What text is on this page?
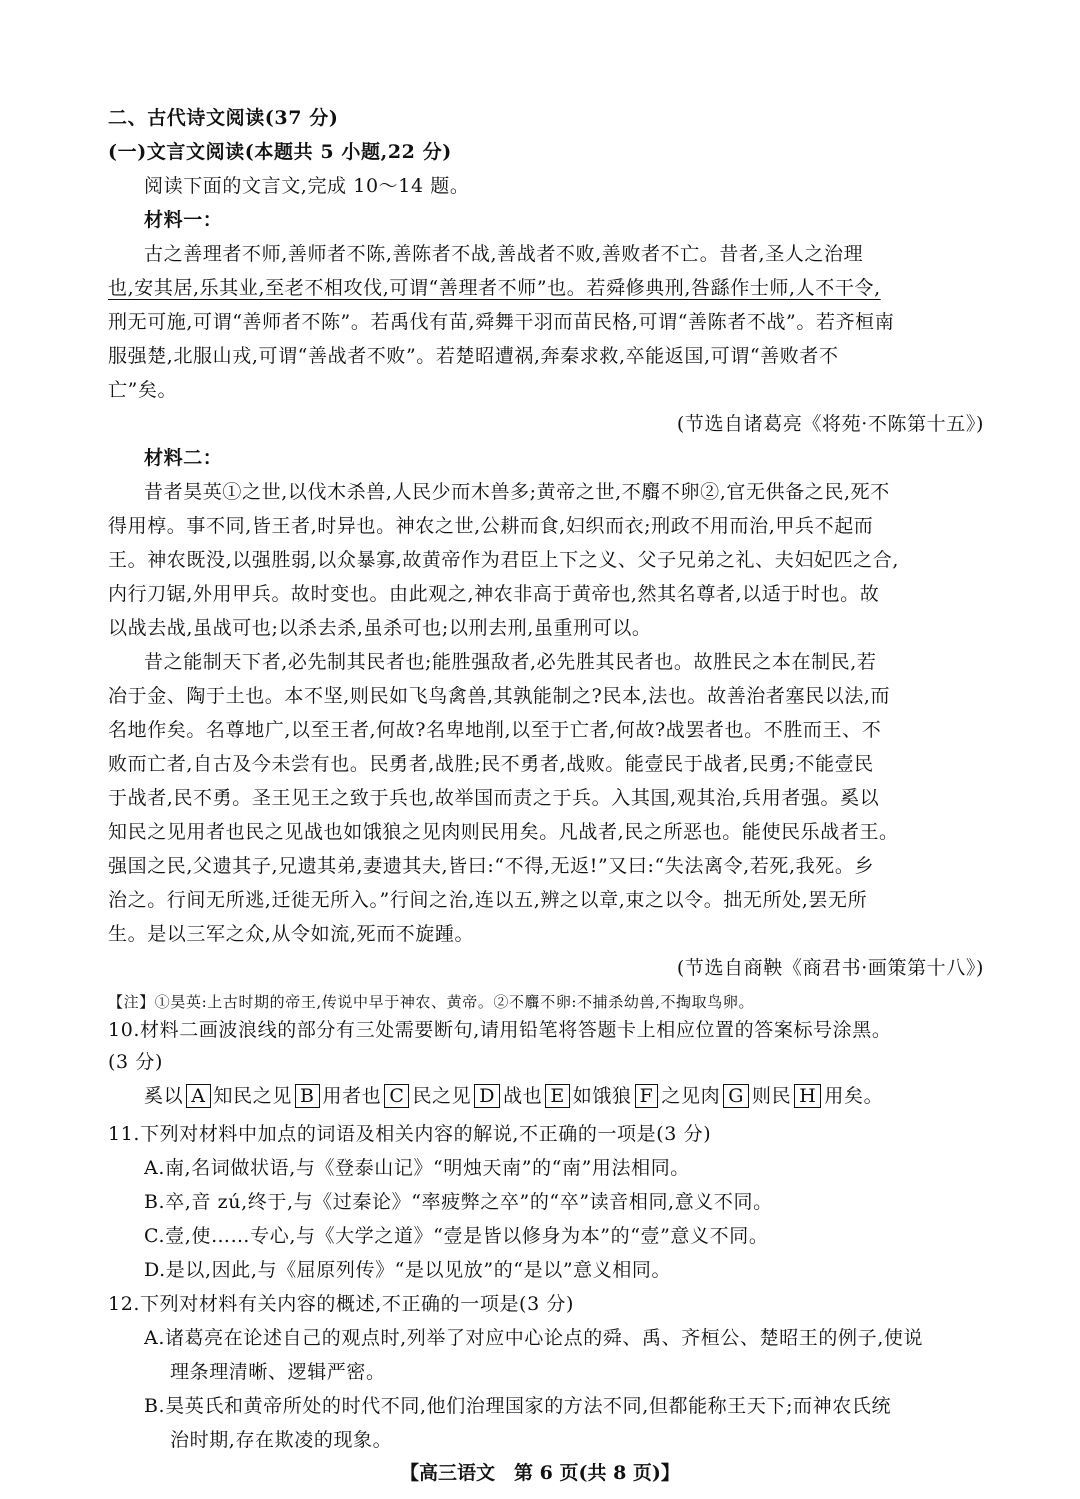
二、古代诗文阅读(37 分)
(一)文言文阅读(本题共 5 小题,22 分)
阅读下面的文言文,完成 10～14 题。
材料一：
古之善理者不师,善师者不陈,善陈者不战,善战者不败,善败者不亡。昔者,圣人之治理
也,安其居,乐其业,至老不相攻伐,可谓“善理者不师”也。若舜修典刑,咎繇作士师,人不干令,
刑无可施,可谓“善师者不陈”。若禹伐有苗,舜舞干羽而苗民格,可谓“善陈者不战”。若齐桓南
服强楚,北服山戎,可谓“善战者不败”。若楚昭遭祸,奔秦求救,卒能返国,可谓“善败者不
亡”矣。
(节选自诸葛亮《将苑·不陈第十五》)
材料二：
昔者昊英①之世,以伐木杀兽,人民少而木兽多;黄帝之世,不麛不卵②,官无供备之民,死不
得用椁。事不同,皆王者,时异也。神农之世,公耕而食,妇织而衣;刑政不用而治,甲兵不起而
王。神农既没,以强胜弱,以众暴寡,故黄帝作为君臣上下之义、父子兄弟之礼、夫妇妃匹之合,
内行刀锯,外用甲兵。故时变也。由此观之,神农非高于黄帝也,然其名尊者,以适于时也。故
以战去战,虽战可也;以杀去杀,虽杀可也;以刑去刑,虽重刑可以。
昔之能制天下者,必先制其民者也;能胜强敌者,必先胜其民者也。故胜民之本在制民,若
冶于金、陶于土也。本不坚,则民如飞鸟禽兽,其孰能制之?民本,法也。故善治者塞民以法,而
名地作矣。名尊地广,以至王者,何故?名卑地削,以至于亡者,何故?战罢者也。不胜而王、不
败而亡者,自古及今未尝有也。民勇者,战胜;民不勇者,战败。能壹民于战者,民勇;不能壹民
于战者,民不勇。圣王见王之致于兵也,故举国而责之于兵。入其国,观其治,兵用者强。奚以
知民之见用者也民之见战也如饿狼之见肉则民用矣。凡战者,民之所恶也。能使民乐战者王。
强国之民,父遗其子,兄遗其弟,妻遗其夫,皆曰:“不得,无返!”又曰:“失法离令,若死,我死。乡
治之。行间无所逃,迁徙无所入。”行间之治,连以五,辨之以章,束之以令。拙无所处,罢无所
生。是以三军之众,从令如流,死而不旋踵。
(节选自商鞅《商君书·画策第十八》)
【注】①昊英:上古时期的帝王,传说中早于神农、黄帝。②不麛不卵:不捕杀幼兽,不掏取鸟卵。
10.材料二画波浪线的部分有三处需要断句,请用铅笔将答题卡上相应位置的答案标号涂黑。
(3 分)
奚以 A 知民之见 B 用者也 C 民之见 D 战也 E 如饿狼 F 之见肉 G 则民 H 用矣。
11.下列对材料中加点的词语及相关内容的解说,不正确的一项是(3 分)
A.南,名词做状语,与《登泰山记》“明烛天南”的“南”用法相同。
B.卒,音 zú,终于,与《过秦论》“率疲弊之卒”的“卒”读音相同,意义不同。
C.壹,使……专心,与《大学之道》“壹是皆以修身为本”的“壹”意义不同。
D.是以,因此,与《屈原列传》“是以见放”的“是以”意义相同。
12.下列对材料有关内容的概述,不正确的一项是(3 分)
A.诸葛亮在论述自己的观点时,列举了对应中心论点的舜、禹、齐桓公、楚昭王的例子,使说
理条理清晰、逻辑严密。
B.昊英氏和黄帝所处的时代不同,他们治理国家的方法不同,但都能称王天下;而神农氏统
治时期,存在欺凌的现象。
【高三语文　第 6 页(共 8 页)】
